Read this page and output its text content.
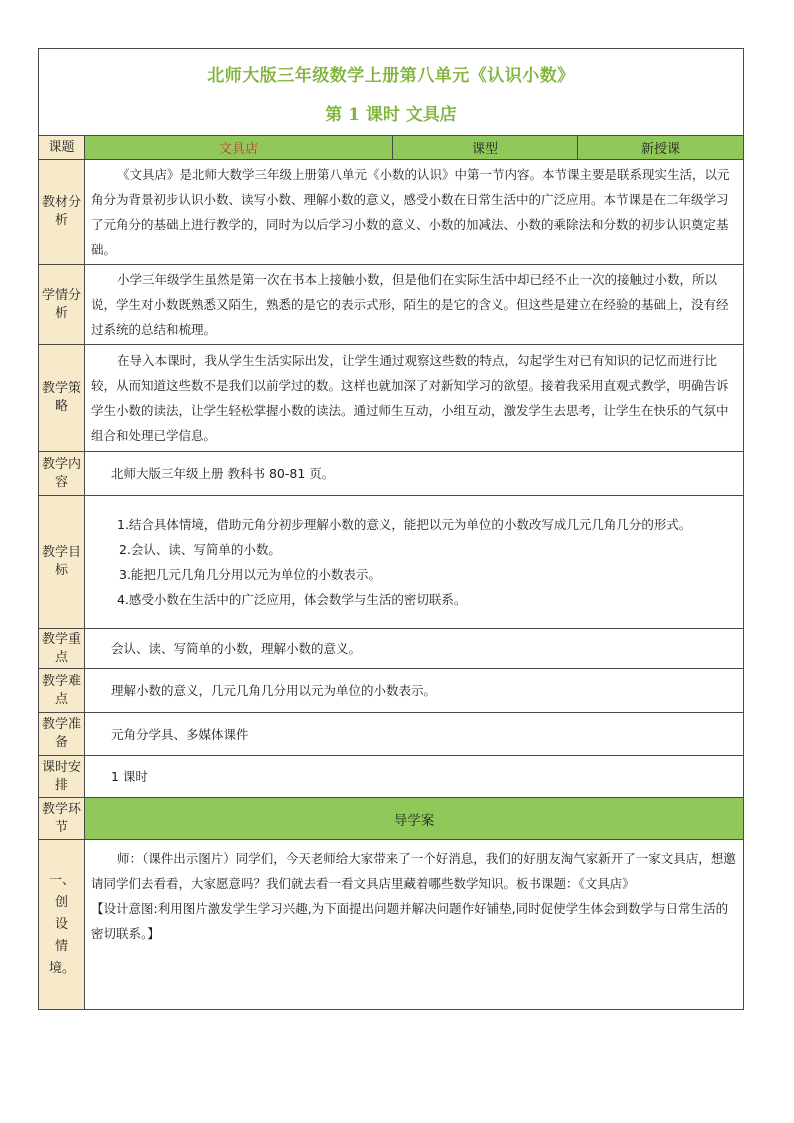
北师大版三年级数学上册第八单元《认识小数》
第 1 课时 文具店			

课题	文具店	课型	新授课
教材分析	《文具店》是北师大数学三年级上册第八单元《小数的认识》中第一节内容。本节课主要是联系现实生活，以元角分为背景初步认识小数、读写小数、理解小数的意义，感受小数在日常生活中的广泛应用。本节课是在二年级学习了元角分的基础上进行教学的，同时为以后学习小数的意义、小数的加减法、小数的乘除法和分数的初步认识奠定基础。		
学情分析	小学三年级学生虽然是第一次在书本上接触小数，但是他们在实际生活中却已经不止一次的接触过小数，所以说，学生对小数既熟悉又陌生，熟悉的是它的表示式形，陌生的是它的含义。但这些是建立在经验的基础上，没有经过系统的总结和梳理。		
教学策略	在导入本课时，我从学生生活实际出发，让学生通过观察这些数的特点，勾起学生对已有知识的记忆而进行比较，从而知道这些数不是我们以前学过的数。这样也就加深了对新知学习的欲望。接着我采用直观式教学，明确告诉学生小数的读法，让学生轻松掌握小数的读法。通过师生互动，小组互动，激发学生去思考，让学生在快乐的气氛中组合和处理已学信息。		
教学内容	北师大版三年级上册 教科书 80-81 页。		
教学目标	1.结合具体情境，借助元角分初步理解小数的意义，能把以元为单位的小数改写成几元几角几分的形式。
2.会认、读、写简单的小数。
3.能把几元几角几分用以元为单位的小数表示。
4.感受小数在生活中的广泛应用，体会数学与生活的密切联系。		

教学重点	会认、读、写简单的小数，理解小数的意义。		
教学难点	理解小数的意义，几元几角几分用以元为单位的小数表示。		
教学准备	元角分学具、多媒体课件		
课时安排	1 课时		
教学环节	导学案		
一、创设情境。	师：（课件出示图片）同学们，今天老师给大家带来了一个好消息，我们的好朋友淘气家新开了一家文具店，想邀请同学们去看看，大家愿意吗？我们就去看一看文具店里藏着哪些数学知识。板书课题：《文具店》
【设计意图:利用图片激发学生学习兴趣,为下面提出问题并解决问题作好铺垫,同时促使学生体会到数学与日常生活的密切联系。】		
